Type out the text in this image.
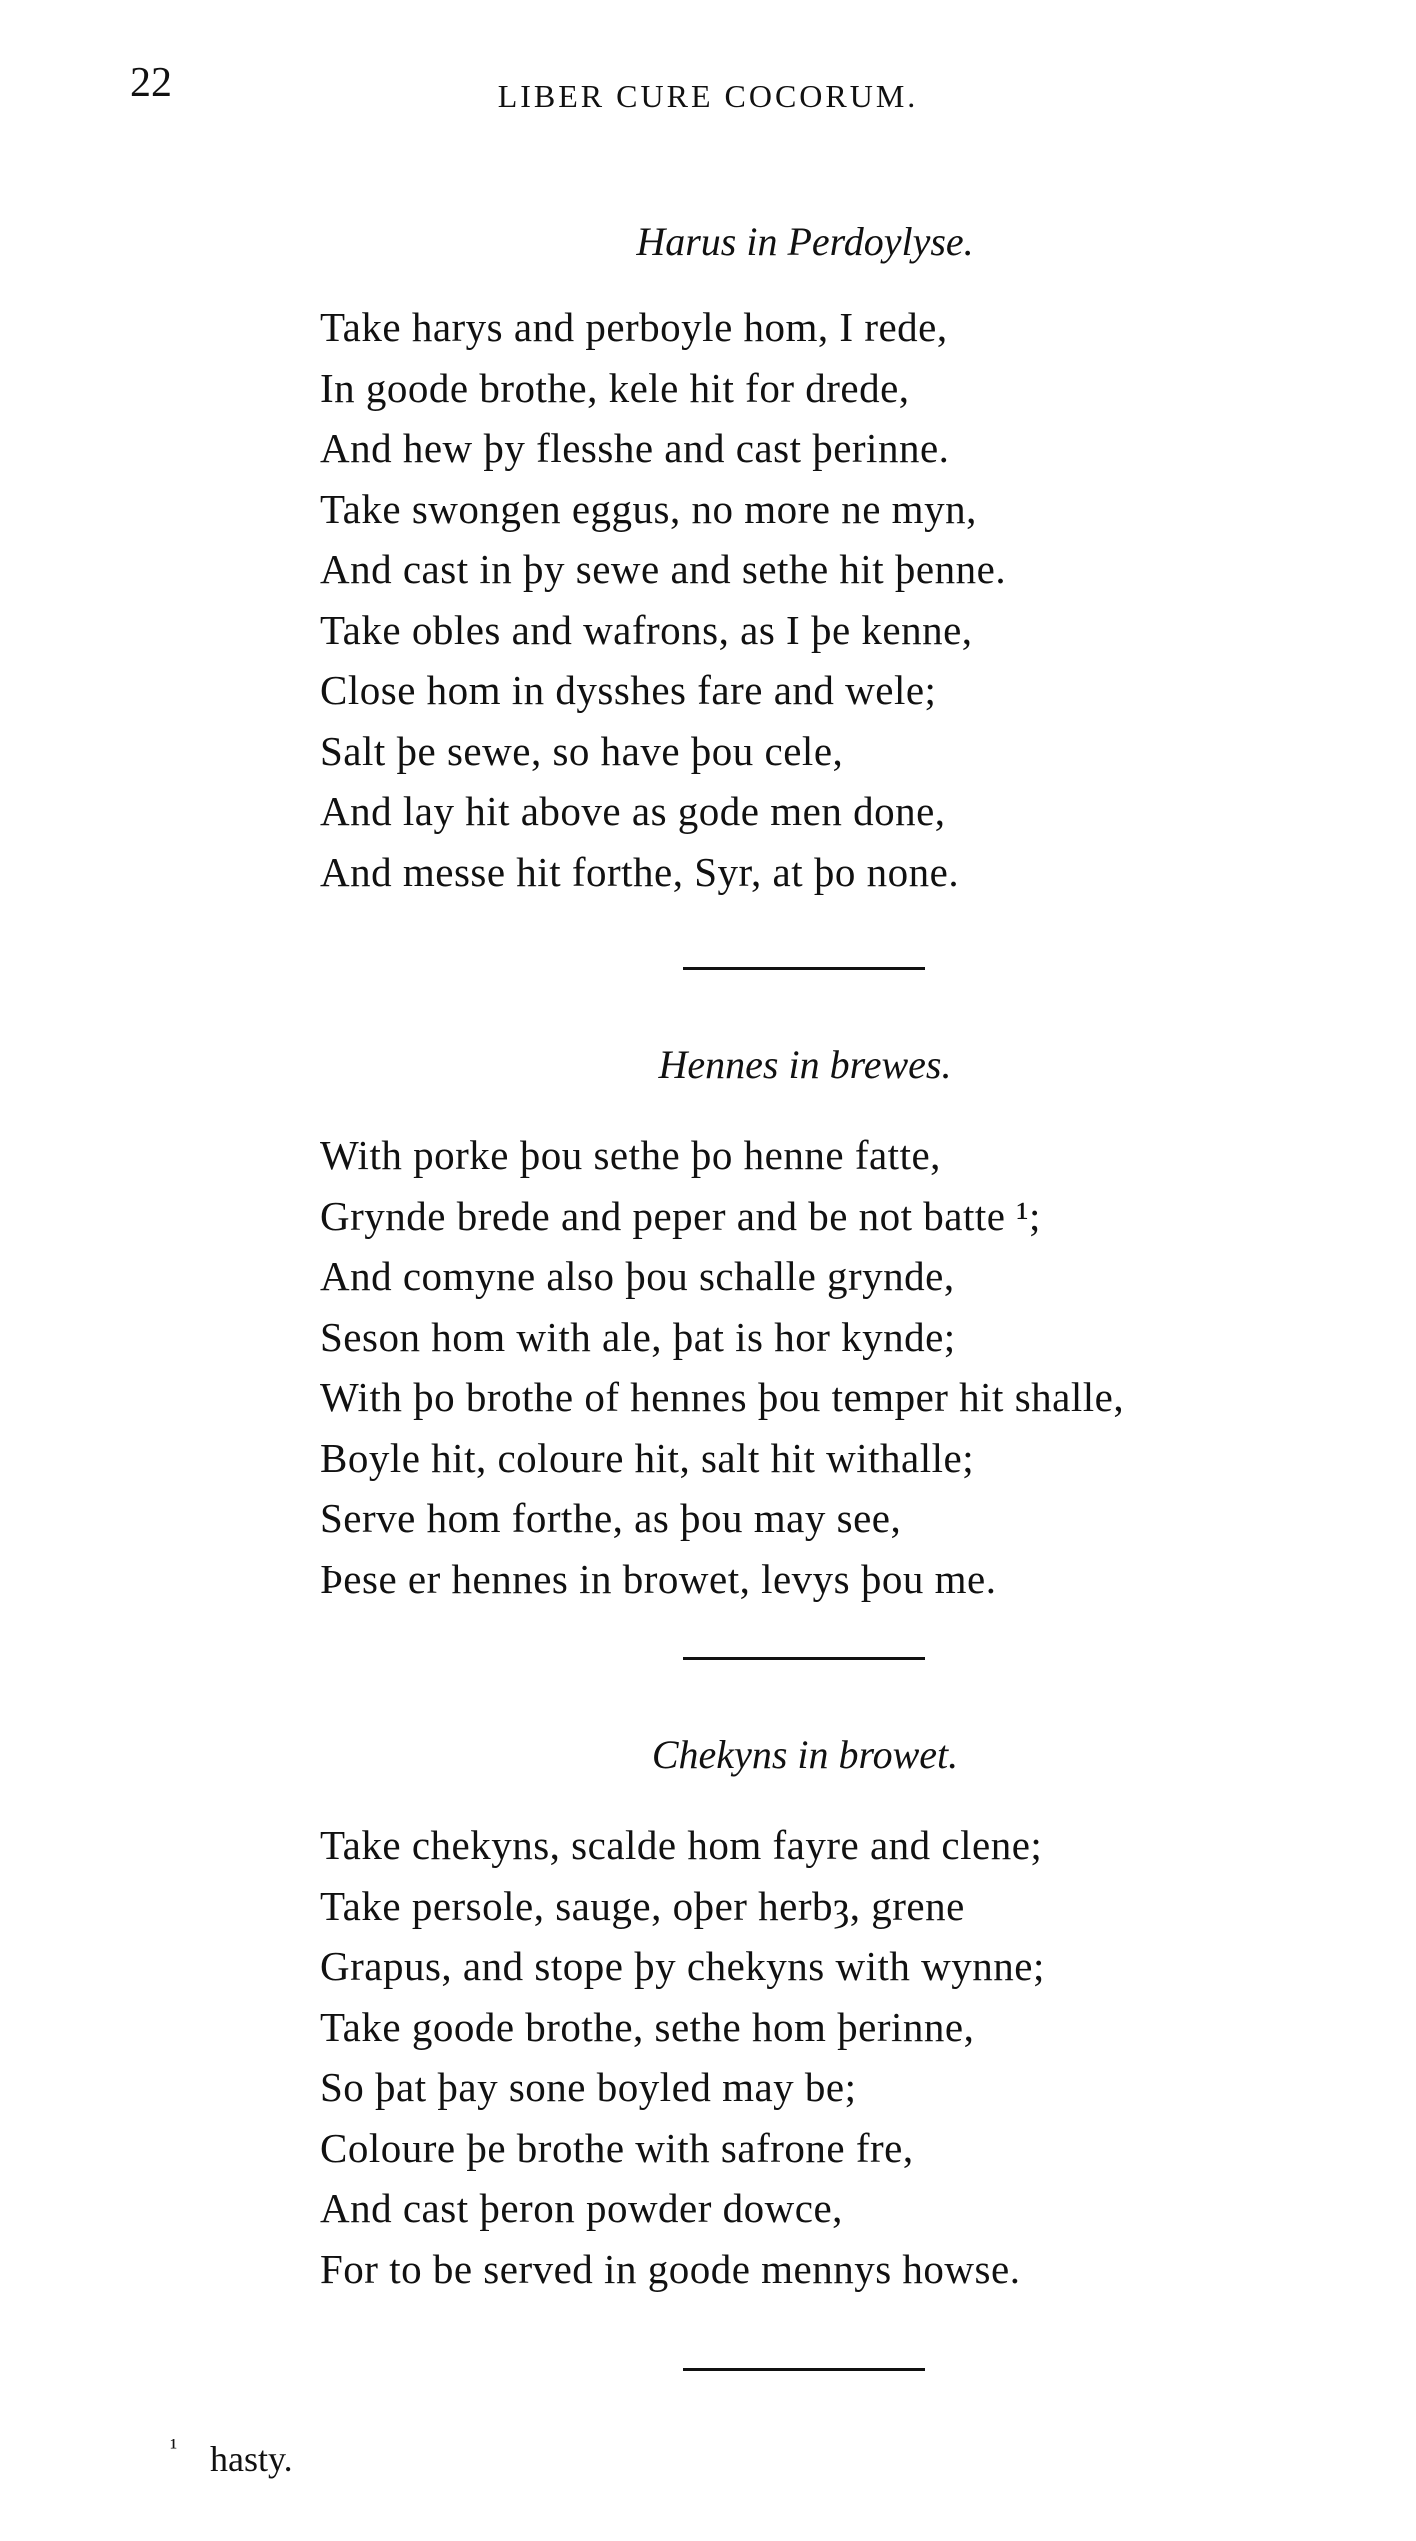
22	LIBER CURE COCORUM.
Harus in Perdoylyse.
Take harys and perboyle hom, I rede,
In goode brothe, kele hit for drede,
And hew þy flesshe and cast þerinne.
Take swongen eggus, no more ne myn,
And cast in þy sewe and sethe hit þenne.
Take obles and wafrons, as I þe kenne,
Close hom in dysshes fare and wele;
Salt þe sewe, so have þou cele,
And lay hit above as gode men done,
And messe hit forthe, Syr, at þo none.
Hennes in brewes.
With porke þou sethe þo henne fatte,
Grynde brede and peper and be not batte ¹;
And comyne also þou schalle grynde,
Seson hom with ale, þat is hor kynde;
With þo brothe of hennes þou temper hit shalle,
Boyle hit, coloure hit, salt hit withalle;
Serve hom forthe, as þou may see,
Þese er hennes in browet, levys þou me.
Chekyns in browet.
Take chekyns, scalde hom fayre and clene;
Take persole, sauge, oþer herbȝ, grene
Grapus, and stope þy chekyns with wynne;
Take goode brothe, sethe hom þerinne,
So þat þay sone boyled may be;
Coloure þe brothe with safrone fre,
And cast þeron powder dowce,
For to be served in goode mennys howse.
¹ hasty.
